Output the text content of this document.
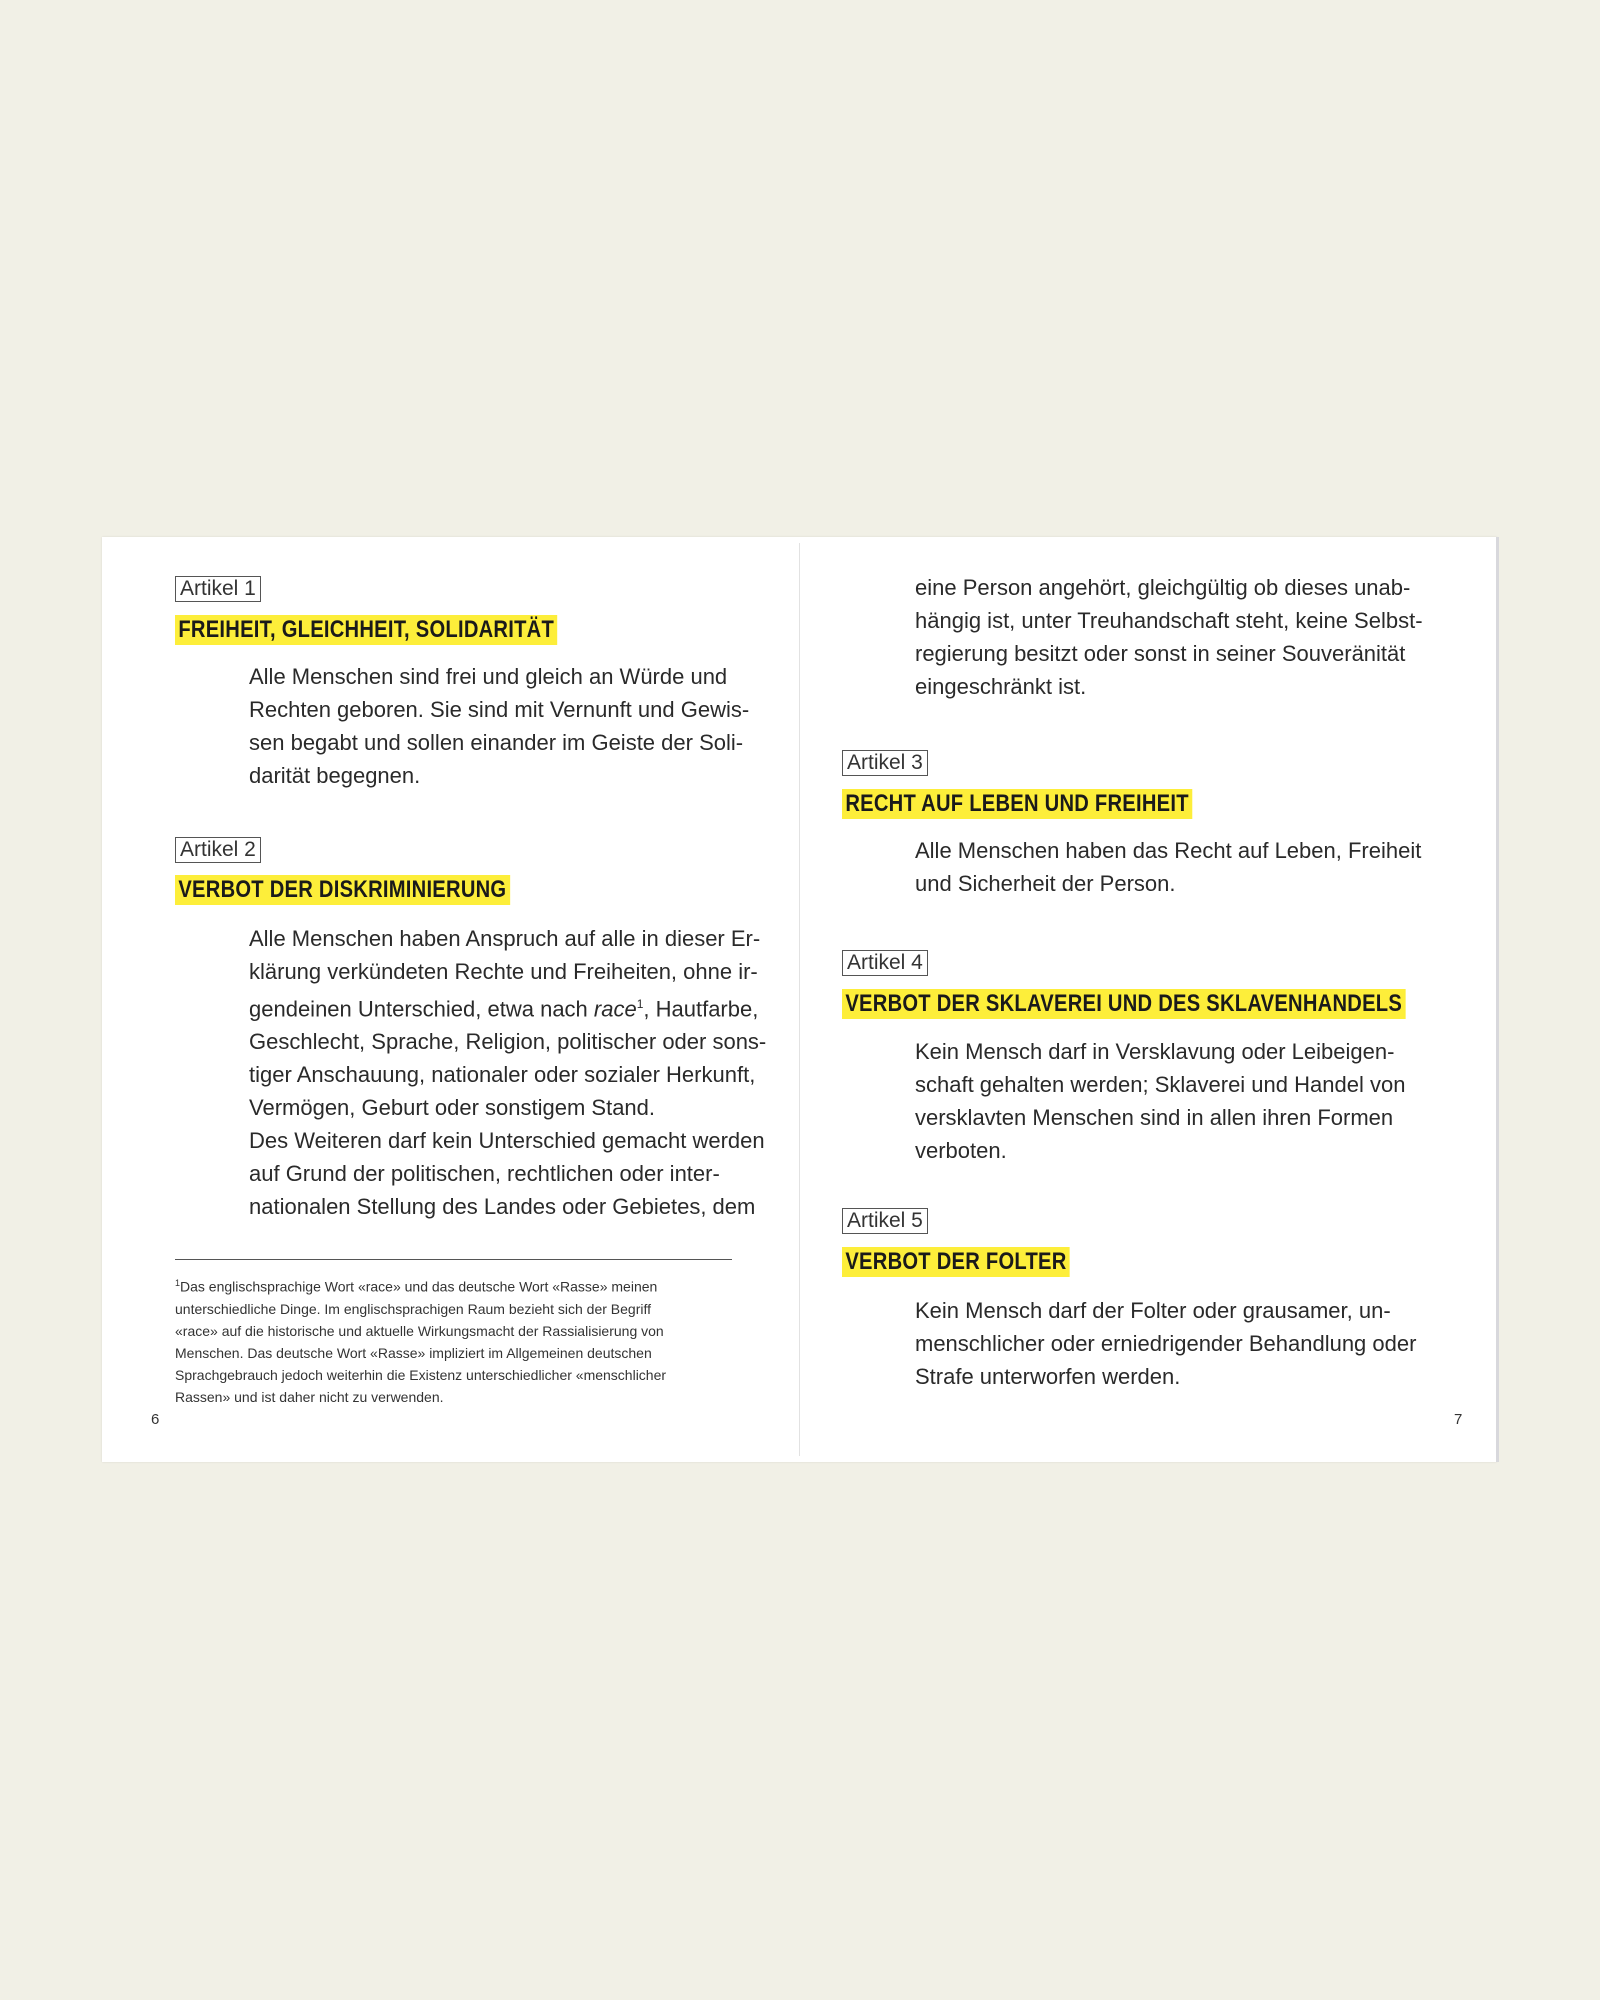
Artikel 1
FREIHEIT, GLEICHHEIT, SOLIDARITÄT

Alle Menschen sind frei und gleich an Würde und

Rechten geboren. Sie sind mit Vernunft und Gewis-

sen begabt und sollen einander im Geiste der Soli-

darität begegnen.

Artikel 2
VERBOT DER DISKRIMINIERUNG

Alle Menschen haben Anspruch auf alle in dieser Er-

klärung verkündeten Rechte und Freiheiten, ohne ir-

gendeinen Unterschied, etwa nach race$^1$, Hautfarbe,

Geschlecht, Sprache, Religion, politischer oder sons-

tiger Anschauung, nationaler oder sozialer Herkunft,

Vermögen, Geburt oder sonstigem Stand.

Des Weiteren darf kein Unterschied gemacht werden

auf Grund der politischen, rechtlichen oder inter-

nationalen Stellung des Landes oder Gebietes, dem

$^1$Das englischsprachige Wort «race» und das deutsche Wort «Rasse» meinen
unterschiedliche Dinge. Im englischsprachigen Raum bezieht sich der Begriff
«race» auf die historische und aktuelle Wirkungsmacht der Rassialisierung von
Menschen. Das deutsche Wort «Rasse» impliziert im Allgemeinen deutschen
Sprachgebrauch jedoch weiterhin die Existenz unterschiedlicher «menschlicher
Rassen» und ist daher nicht zu verwenden.
6

eine Person angehört, gleichgültig ob dieses unab-

hängig ist, unter Treuhandschaft steht, keine Selbst-

regierung besitzt oder sonst in seiner Souveränität

eingeschränkt ist.

Artikel 3
RECHT AUF LEBEN UND FREIHEIT

Alle Menschen haben das Recht auf Leben, Freiheit

und Sicherheit der Person.

Artikel 4
VERBOT DER SKLAVEREI UND DES SKLAVENHANDELS

Kein Mensch darf in Versklavung oder Leibeigen-

schaft gehalten werden; Sklaverei und Handel von

versklavten Menschen sind in allen ihren Formen

verboten.

Artikel 5
VERBOT DER FOLTER

Kein Mensch darf der Folter oder grausamer, un-

menschlicher oder erniedrigender Behandlung oder

Strafe unterworfen werden.

7
